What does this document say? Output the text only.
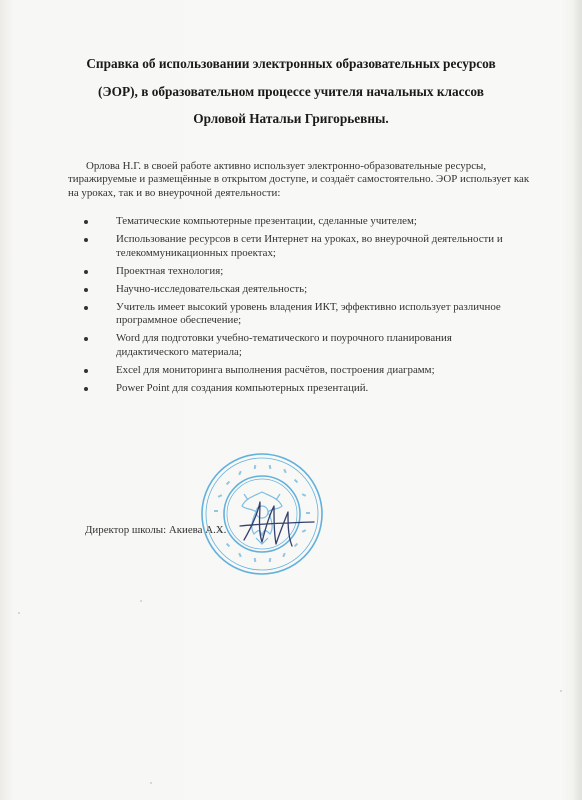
Справка об использовании электронных образовательных ресурсов
(ЭОР), в образовательном процессе учителя начальных классов
Орловой Натальи Григорьевны.
Орлова Н.Г. в своей работе активно использует электронно-образовательные ресурсы, тиражируемые и размещённые в открытом доступе, и создаёт самостоятельно. ЭОР использует как на уроках, так и во внеурочной деятельности:
Тематические компьютерные презентации, сделанные учителем;
Использование ресурсов в сети Интернет на уроках, во внеурочной деятельности и телекоммуникационных проектах;
Проектная технология;
Научно-исследовательская деятельность;
Учитель имеет высокий уровень владения ИКТ, эффективно использует различное программное обеспечение;
Word для подготовки учебно-тематического и поурочного планирования дидактического материала;
Excel для мониторинга выполнения расчётов, построения диаграмм;
Power Point для создания компьютерных презентаций.
Директор школы: Акиева А.Х.
